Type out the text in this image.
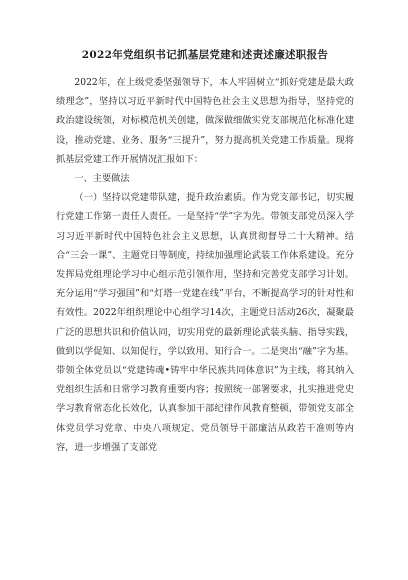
2022年党组织书记抓基层党建和述责述廉述职报告

2022年，在上级党委坚强领导下，本人牢固树立“抓好党建是最大政绩理念”，坚持以习近平新时代中国特色社会主义思想为指导，坚持党的政治建设统领，对标模范机关创建，做深做细做实党支部规范化标准化建设，推动党建、业务、服务“三提升”，努力提高机关党建工作质量。现将抓基层党建工作开展情况汇报如下：

一、主要做法

（一）坚持以党建带队建，提升政治素质。作为党支部书记，切实履行党建工作第一责任人责任。一是坚持“学”字为先。带领支部党员深入学习习近平新时代中国特色社会主义思想，认真贯彻督导二十大精神。结合“三会一课”、主题党日等制度，持续加强理论武装工作体系建设。充分发挥局党组理论学习中心组示范引领作用，坚持和完善党支部学习计划。充分运用“学习强国”和“灯塔一党建在线”平台，不断提高学习的针对性和有效性。2022年组织理论中心组学习14次，主题党日活动26次，凝聚最广泛的思想共识和价值认同，切实用党的最新理论武装头脑、指导实践，做到以学促知、以知促行，学以致用、知行合一。二是突出“融”字为基。带领全体党员以“党建铸魂•铸牢中华民族共同体意识”为主线，将其纳入党组织生活和日常学习教育重要内容；按照统一部署要求，扎实推进党史学习教育常态化长效化，认真参加干部纪律作风教育整顿，带领党支部全体党员学习党章、中央八项规定、党员领导干部廉洁从政若干准则等内容，进一步增强了支部党
